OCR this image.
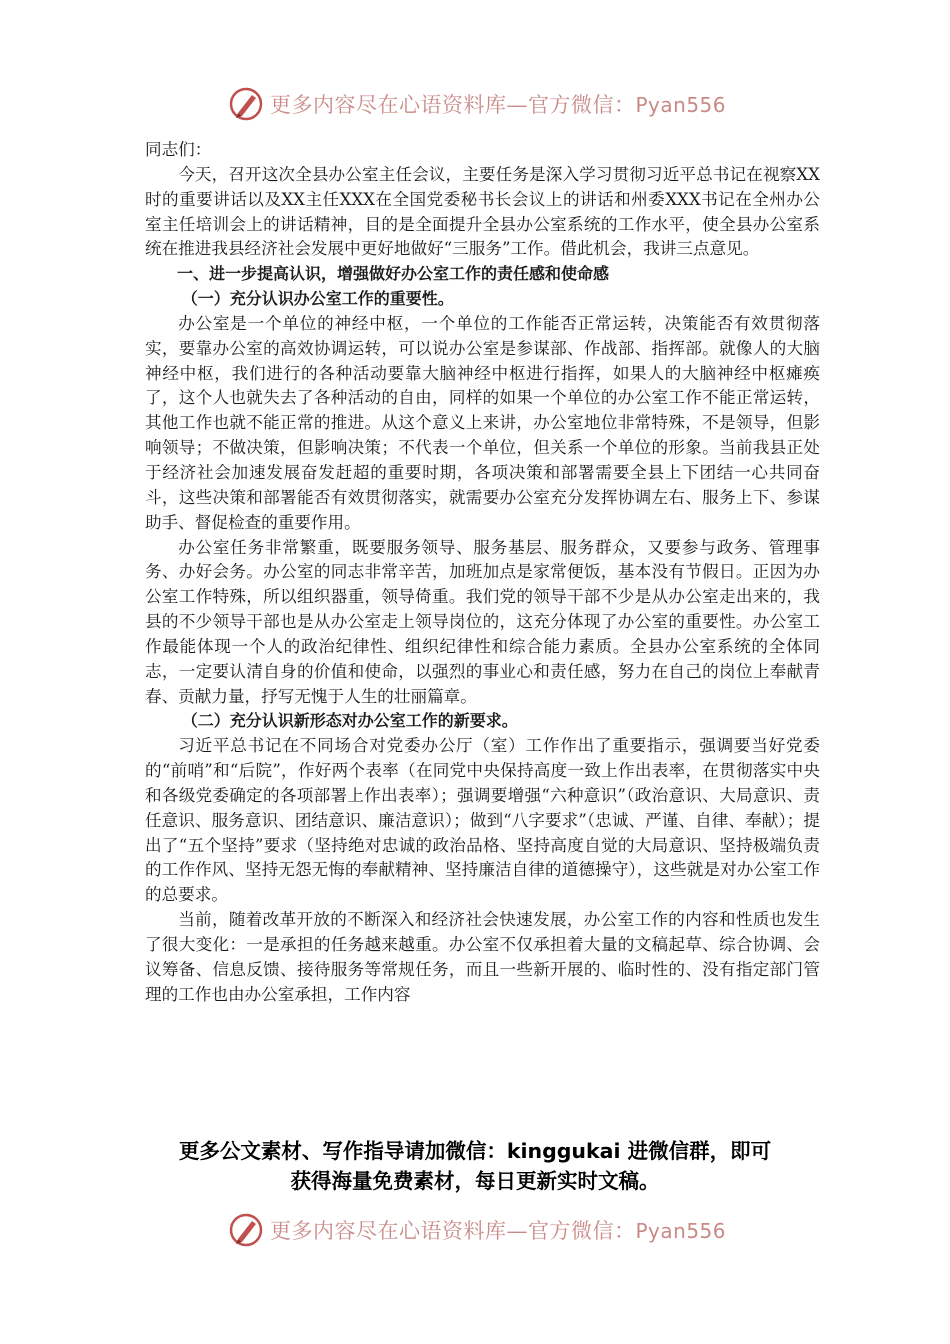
更多内容尽在心语资料库—官方微信：Pyan556

同志们：

今天，召开这次全县办公室主任会议，主要任务是深入学习贯彻习近平总书记在视察XX时的重要讲话以及XX主任XXX在全国党委秘书长会议上的讲话和州委XXX书记在全州办公室主任培训会上的讲话精神，目的是全面提升全县办公室系统的工作水平，使全县办公室系统在推进我县经济社会发展中更好地做好“三服务”工作。借此机会，我讲三点意见。

一、进一步提高认识，增强做好办公室工作的责任感和使命感

（一）充分认识办公室工作的重要性。

办公室是一个单位的神经中枢，一个单位的工作能否正常运转，决策能否有效贯彻落实，要靠办公室的高效协调运转，可以说办公室是参谋部、作战部、指挥部。就像人的大脑神经中枢，我们进行的各种活动要靠大脑神经中枢进行指挥，如果人的大脑神经中枢瘫痪了，这个人也就失去了各种活动的自由，同样的如果一个单位的办公室工作不能正常运转，其他工作也就不能正常的推进。从这个意义上来讲，办公室地位非常特殊，不是领导，但影响领导；不做决策，但影响决策；不代表一个单位，但关系一个单位的形象。当前我县正处于经济社会加速发展奋发赶超的重要时期，各项决策和部署需要全县上下团结一心共同奋斗，这些决策和部署能否有效贯彻落实，就需要办公室充分发挥协调左右、服务上下、参谋助手、督促检查的重要作用。

办公室任务非常繁重，既要服务领导、服务基层、服务群众，又要参与政务、管理事务、办好会务。办公室的同志非常辛苦，加班加点是家常便饭，基本没有节假日。正因为办公室工作特殊，所以组织器重，领导倚重。我们党的领导干部不少是从办公室走出来的，我县的不少领导干部也是从办公室走上领导岗位的，这充分体现了办公室的重要性。办公室工作最能体现一个人的政治纪律性、组织纪律性和综合能力素质。全县办公室系统的全体同志，一定要认清自身的价值和使命，以强烈的事业心和责任感，努力在自己的岗位上奉献青春、贡献力量，抒写无愧于人生的壮丽篇章。

（二）充分认识新形态对办公室工作的新要求。

习近平总书记在不同场合对党委办公厅（室）工作作出了重要指示，强调要当好党委的“前哨”和“后院”，作好两个表率（在同党中央保持高度一致上作出表率，在贯彻落实中央和各级党委确定的各项部署上作出表率）；强调要增强“六种意识”（政治意识、大局意识、责任意识、服务意识、团结意识、廉洁意识）；做到“八字要求”（忠诚、严谨、自律、奉献）；提出了“五个坚持”要求（坚持绝对忠诚的政治品格、坚持高度自觉的大局意识、坚持极端负责的工作作风、坚持无怨无悔的奉献精神、坚持廉洁自律的道德操守），这些就是对办公室工作的总要求。

当前，随着改革开放的不断深入和经济社会快速发展，办公室工作的内容和性质也发生了很大变化：一是承担的任务越来越重。办公室不仅承担着大量的文稿起草、综合协调、会议筹备、信息反馈、接待服务等常规任务，而且一些新开展的、临时性的、没有指定部门管理的工作也由办公室承担，工作内容

更多公文素材、写作指导请加微信：kinggukai 进微信群，即可
获得海量免费素材，每日更新实时文稿。
更多内容尽在心语资料库—官方微信：Pyan556
